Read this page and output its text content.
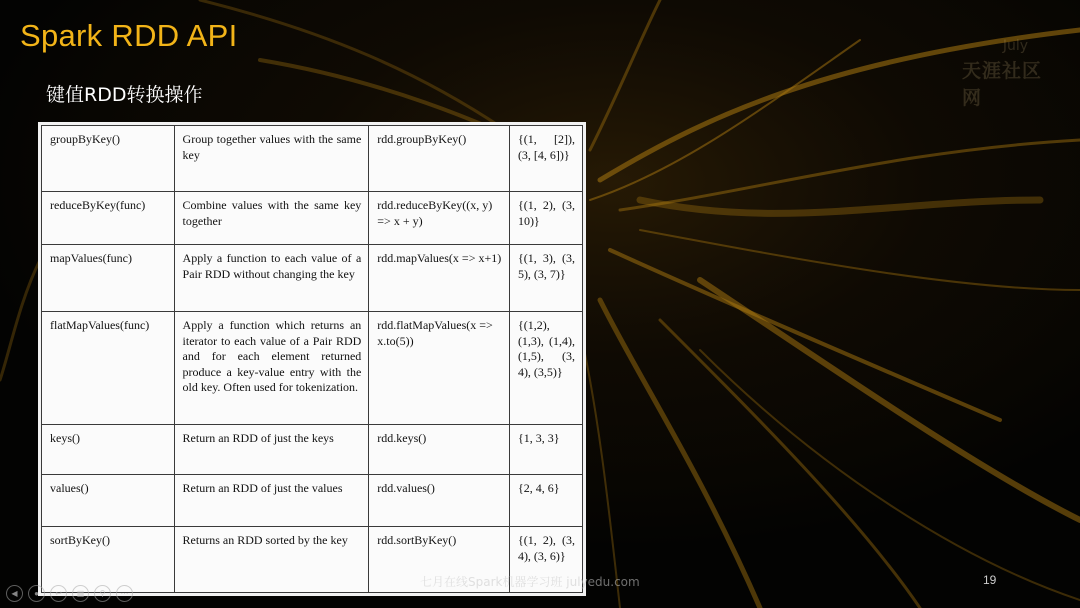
Spark RDD API
键值RDD转换操作
July
天涯社区网
groupByKey()	Group together values with the same key	rdd.groupByKey()	{(1, [2]), (3, [4, 6])}
reduceByKey(func)	Combine values with the same key together	rdd.reduceByKey((x, y) => x + y)	{(1, 2), (3, 10)}
mapValues(func)	Apply a function to each value of a Pair RDD without changing the key	rdd.mapValues(x => x+1)	{(1, 3), (3, 5), (3, 7)}
flatMapValues(func)	Apply a function which returns an iterator to each value of a Pair RDD and for each element returned produce a key-value entry with the old key. Often used for tokenization.	rdd.flatMapValues(x => x.to(5))	{(1,2), (1,3), (1,4), (1,5), (3, 4), (3,5)}
keys()	Return an RDD of just the keys	rdd.keys()	{1, 3, 3}
values()	Return an RDD of just the values	rdd.values()	{2, 4, 6}
sortByKey()	Returns an RDD sorted by the key	rdd.sortByKey()	{(1, 2), (3, 4), (3, 6)}
七月在线Spark机器学习班 julyedu.com	19
◀	●	↩	▦	⚲	⋯
